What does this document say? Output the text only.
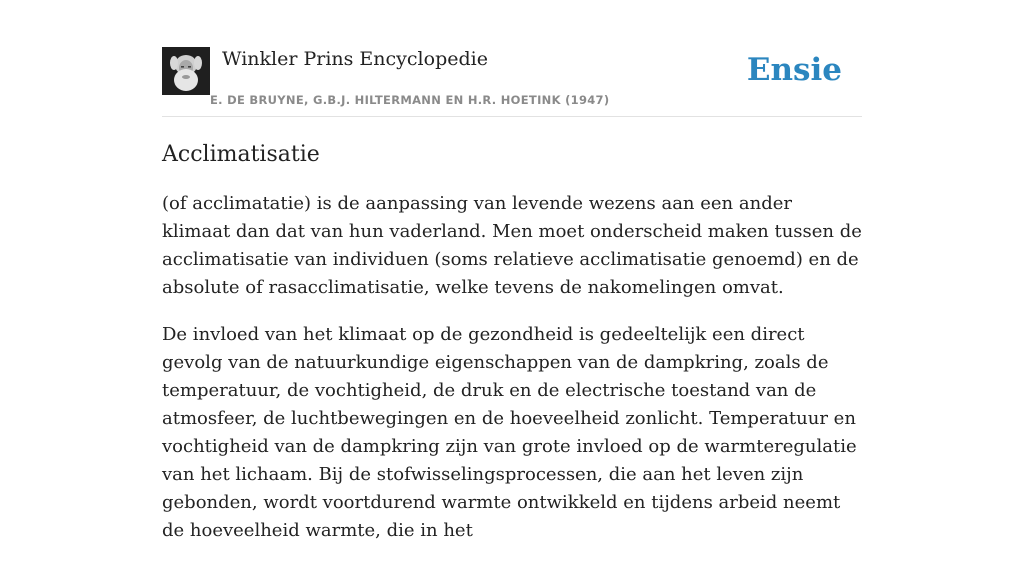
Winkler Prins Encyclopedie
E. DE BRUYNE, G.B.J. HILTERMANN EN H.R. HOETINK (1947)
Ensie
Acclimatisatie

(of acclimatatie) is de aanpassing van levende wezens aan een ander klimaat dan dat van hun vaderland. Men moet onderscheid maken tussen de acclimatisatie van individuen (soms relatieve acclimatisatie genoemd) en de absolute of rasacclimatisatie, welke tevens de nakomelingen omvat.

De invloed van het klimaat op de gezondheid is gedeeltelijk een direct gevolg van de natuurkundige eigenschappen van de dampkring, zoals de temperatuur, de vochtigheid, de druk en de electrische toestand van de atmosfeer, de luchtbewegingen en de hoeveelheid zonlicht. Temperatuur en vochtigheid van de dampkring zijn van grote invloed op de warmteregulatie van het lichaam. Bij de stofwisselingsprocessen, die aan het leven zijn gebonden, wordt voortdurend warmte ontwikkeld en tijdens arbeid neemt de hoeveelheid warmte, die in het
